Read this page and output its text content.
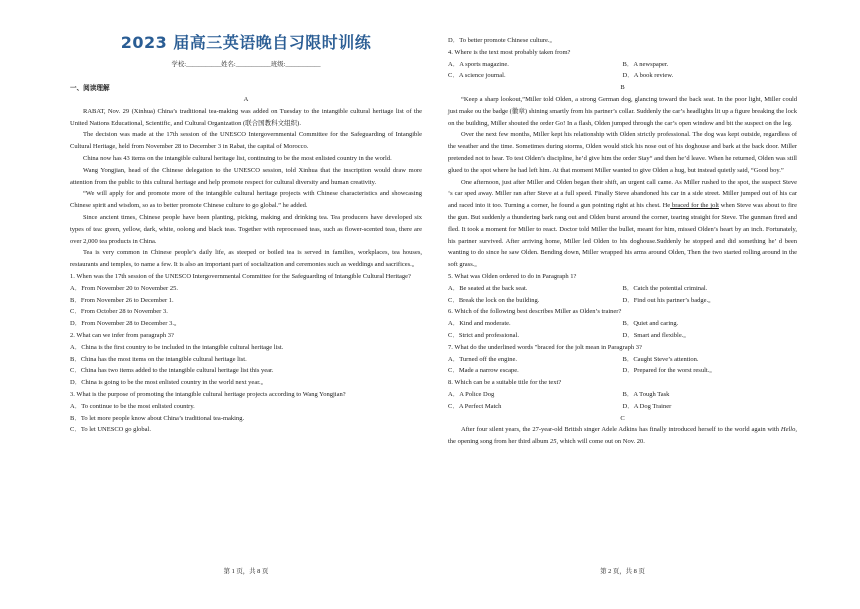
2023 届高三英语晚自习限时训练
学校:___________姓名:___________班级:___________
一、阅读理解

A

RABAT, Nov. 29 (Xinhua) China’s traditional tea-making was added on Tuesday to the intangible cultural heritage list of the United Nations Educational, Scientific, and Cultural Organization (联合国教科文组织).

The decision was made at the 17th session of the UNESCO Intergovernmental Committee for the Safeguarding of Intangible Cultural Heritage, held from November 28 to December 3 in Rabat, the capital of Morocco.

China now has 43 items on the intangible cultural heritage list, continuing to be the most enlisted country in the world.

Wang Yongjian, head of the Chinese delegation to the UNESCO session, told Xinhua that the inscription would draw more attention from the public to this cultural heritage and help promote respect for cultural diversity and human creativity.

“We will apply for and promote more of the intangible cultural heritage projects with Chinese characteristics and showcasing Chinese spirit and wisdom, so as to better promote Chinese culture to go global.” he added.

Since ancient times, Chinese people have been planting, picking, making and drinking tea. Tea producers have developed six types of tea: green, yellow, dark, white, oolong and black teas. Together with reprocessed teas, such as flower-scented teas, there are over 2,000 tea products in China.

Tea is very common in Chinese people’s daily life, as steeped or boiled tea is served in families, workplaces, tea houses, restaurants and temples, to name a few. It is also an important part of socialization and ceremonies such as weddings and sacrifices.。

1. When was the 17th session of the UNESCO Intergovernmental Committee for the Safeguarding of Intangible Cultural Heritage?

A．From November 20 to November 25.

B．From November 26 to December 1.

C．From October 28 to November 3.

D．From November 28 to December 3.。

2. What can we infer from paragraph 3?

A．China is the first country to be included in the intangible cultural heritage list.

B．China has the most items on the intangible cultural heritage list.

C．China has two items added to the intangible cultural heritage list this year.

D．China is going to be the most enlisted country in the world next year.。

3. What is the purpose of promoting the intangible cultural heritage projects according to Wang Yongjian?

A．To continue to be the most enlisted country.

B．To let more people know about China’s traditional tea-making.

C．To let UNESCO go global.

第 1 页，共 8 页

D．To better promote Chinese culture.。

4. Where is the text most probably taken from?

A．A sports magazine.	B．A newspaper.
C．A science journal.	D．A book review.

B

“Keep a sharp lookout,”Miller told Olden, a strong German dog, glancing toward the back seat. In the poor light, Miller could just make ou the badge (徽章) shining smartly from his partner’s collar. Suddenly the car’s headlights lit up a figure breaking the lock on the building, Miller shouted the order Go! In a flash, Olden jumped through the car’s open window and bit the suspect on the leg.

Over the next few months, Miller kept his relationship with Olden strictly professional. The dog was kept outside, regardless of the weather and the time. Sometimes during storms, Olden would stick his nose out of his doghouse and bark at the back door. Miller pretended not to hear. To test Olden’s discipline, he’d give him the order Stay“ and then he’d leave. When he returned, Olden was still glued to the spot where he had left him. At that moment Miller wanted to give Olden a hug, but instead quietly said, “Good boy.”

One afternoon, just after Miller and Olden began their shift, an urgent call came. As Miller rushed to the spot, the suspect Steve ‘s car sped away. Miller ran after Steve at a full speed. Finally Steve abandoned his car in a side street. Miller jumped out of his car and raced into it too. Turning a corner, he found a gun pointing right at his chest. He braced for the jolt when Steve was about to fire the gun. But suddenly a thundering bark rang out and Olden burst around the corner, tearing straight for Steve. The gunman fired and fled. It took a moment for Miller to react. Doctor told Miller the bullet, meant for him, missed Olden’s heart by an inch. Fortunately, his partner survived. After arriving home, Miller led Olden to his doghouse.Suddenly he stopped and did something he’ d been wanting to do since he saw Olden. Bending down, Miller wrapped his arms around Olden, Then the two started rolling around in the soft grass.。

5. What was Olden ordered to do in Paragraph 1?

A．Be seated at the back seat.	B．Catch the potential criminal.
C．Break the lock on the building.	D．Find out his partner’s badge.。

6. Which of the following best describes Miller as Olden’s trainer?

A．Kind and moderate.	B．Quiet and caring.
C．Strict and professional.	D．Smart and flexible.。

7. What do the underlined words "braced for the jolt mean in Paragraph 3?

A．Turned off the engine.	B．Caught Steve’s attention.
C．Made a narrow escape.	D．Prepared for the worst result.。

8. Which can be a suitable title for the text?

A．A Police Dog	B．A Tough Task
C．A Perfect Match	D．A Dog Trainer

C

After four silent years, the 27-year-old British singer Adele Adkins has finally introduced herself to the world again with Hello, the opening song from her third album 25, which will come out on Nov. 20.

第 2 页，共 8 页
